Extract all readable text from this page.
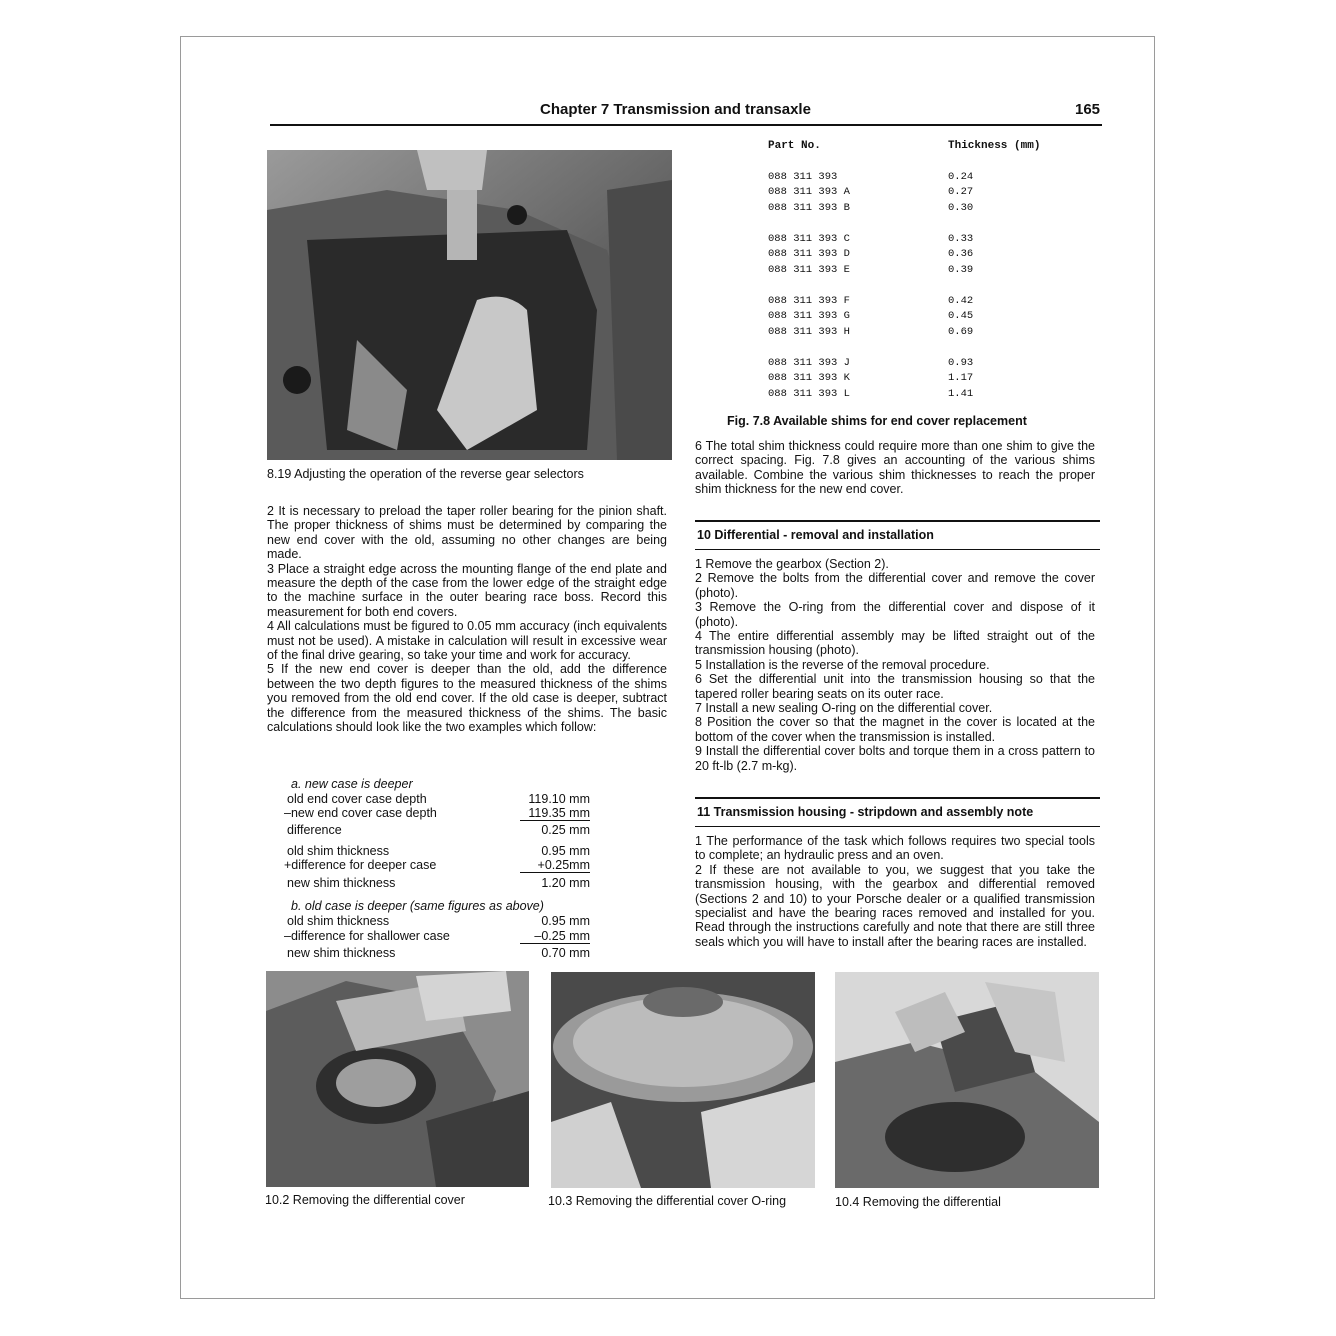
Chapter 7 Transmission and transaxle	165
8.19 Adjusting the operation of the reverse gear selectors

2 It is necessary to preload the taper roller bearing for the pinion shaft. The proper thickness of shims must be determined by comparing the new end cover with the old, assuming no other changes are being made.

3 Place a straight edge across the mounting flange of the end plate and measure the depth of the case from the lower edge of the straight edge to the machine surface in the outer bearing race boss. Record this measurement for both end covers.

4 All calculations must be figured to 0.05 mm accuracy (inch equivalents must not be used). A mistake in calculation will result in excessive wear of the final drive gearing, so take your time and work for accuracy.

5 If the new end cover is deeper than the old, add the difference between the two depth figures to the measured thickness of the shims you removed from the old end cover. If the old case is deeper, subtract the difference from the measured thickness of the shims. The basic calculations should look like the two examples which follow:

a. new case is deeper
old end cover case depth	119.10 mm
–new end cover case depth	119.35 mm
difference	0.25 mm
old shim thickness	0.95 mm
+difference for deeper case	+0.25mm
new shim thickness	1.20 mm
b. old case is deeper (same figures as above)
old shim thickness	0.95 mm
–difference for shallower case	–0.25 mm
new shim thickness	0.70 mm
Part No.	Thickness (mm)
088 311 393	0.24
088 311 393 A	0.27
088 311 393 B	0.30
088 311 393 C	0.33
088 311 393 D	0.36
088 311 393 E	0.39
088 311 393 F	0.42
088 311 393 G	0.45
088 311 393 H	0.69
088 311 393 J	0.93
088 311 393 K	1.17
088 311 393 L	1.41
Fig. 7.8 Available shims for end cover replacement
6 The total shim thickness could require more than one shim to give the correct spacing. Fig. 7.8 gives an accounting of the various shims available. Combine the various shim thicknesses to reach the proper shim thickness for the new end cover.
10 Differential - removal and installation

1 Remove the gearbox (Section 2).

2 Remove the bolts from the differential cover and remove the cover (photo).

3 Remove the O-ring from the differential cover and dispose of it (photo).

4 The entire differential assembly may be lifted straight out of the transmission housing (photo).

5 Installation is the reverse of the removal procedure.

6 Set the differential unit into the transmission housing so that the tapered roller bearing seats on its outer race.

7 Install a new sealing O-ring on the differential cover.

8 Position the cover so that the magnet in the cover is located at the bottom of the cover when the transmission is installed.

9 Install the differential cover bolts and torque them in a cross pattern to 20 ft-lb (2.7 m-kg).

11 Transmission housing - stripdown and assembly note

1 The performance of the task which follows requires two special tools to complete; an hydraulic press and an oven.

2 If these are not available to you, we suggest that you take the transmission housing, with the gearbox and differential removed (Sections 2 and 10) to your Porsche dealer or a qualified transmission specialist and have the bearing races removed and installed for you. Read through the instructions carefully and note that there are still three seals which you will have to install after the bearing races are installed.

10.2 Removing the differential cover	10.3 Removing the differential cover O-ring	10.4 Removing the differential
